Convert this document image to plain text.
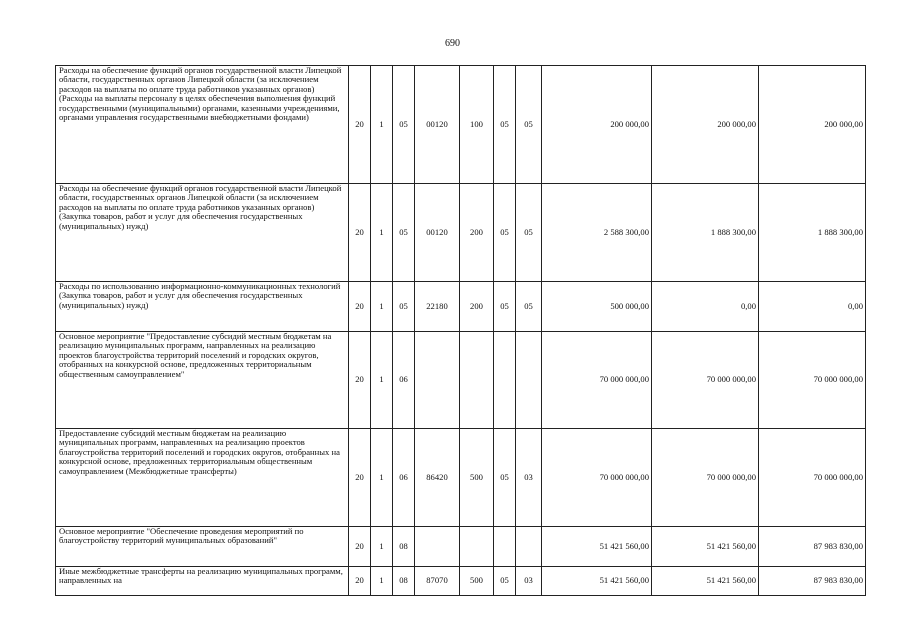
690
Расходы на обеспечение функций органов государственной власти Липецкой области, государственных органов Липецкой области (за исключением расходов на выплаты по оплате труда работников указанных органов) (Расходы на выплаты персоналу в целях обеспечения выполнения функций государственными (муниципальными) органами, казенными учреждениями, органами управления государственными внебюджетными фондами)	20	1	05	00120	100	05	05	200 000,00	200 000,00	200 000,00
Расходы на обеспечение функций органов государственной власти Липецкой области, государственных органов Липецкой области (за исключением расходов на выплаты по оплате труда работников указанных органов) (Закупка товаров, работ и услуг для обеспечения государственных (муниципальных) нужд)	20	1	05	00120	200	05	05	2 588 300,00	1 888 300,00	1 888 300,00
Расходы по использованию информационно-коммуникационных технологий (Закупка товаров, работ и услуг для обеспечения государственных (муниципальных) нужд)	20	1	05	22180	200	05	05	500 000,00	0,00	0,00
Основное мероприятие "Предоставление субсидий местным бюджетам на реализацию муниципальных программ, направленных на реализацию проектов благоустройства территорий поселений и городских округов, отобранных на конкурсной основе, предложенных территориальным общественным самоуправлением"	20	1	06					70 000 000,00	70 000 000,00	70 000 000,00
Предоставление субсидий местным бюджетам на реализацию муниципальных программ, направленных на реализацию проектов благоустройства территорий поселений и городских округов, отобранных на конкурсной основе, предложенных территориальным общественным самоуправлением (Межбюджетные трансферты)	20	1	06	86420	500	05	03	70 000 000,00	70 000 000,00	70 000 000,00
Основное мероприятие "Обеспечение проведения мероприятий по благоустройству территорий муниципальных образований"	20	1	08					51 421 560,00	51 421 560,00	87 983 830,00
Иные межбюджетные трансферты на реализацию муниципальных программ, направленных на	20	1	08	87070	500	05	03	51 421 560,00	51 421 560,00	87 983 830,00
